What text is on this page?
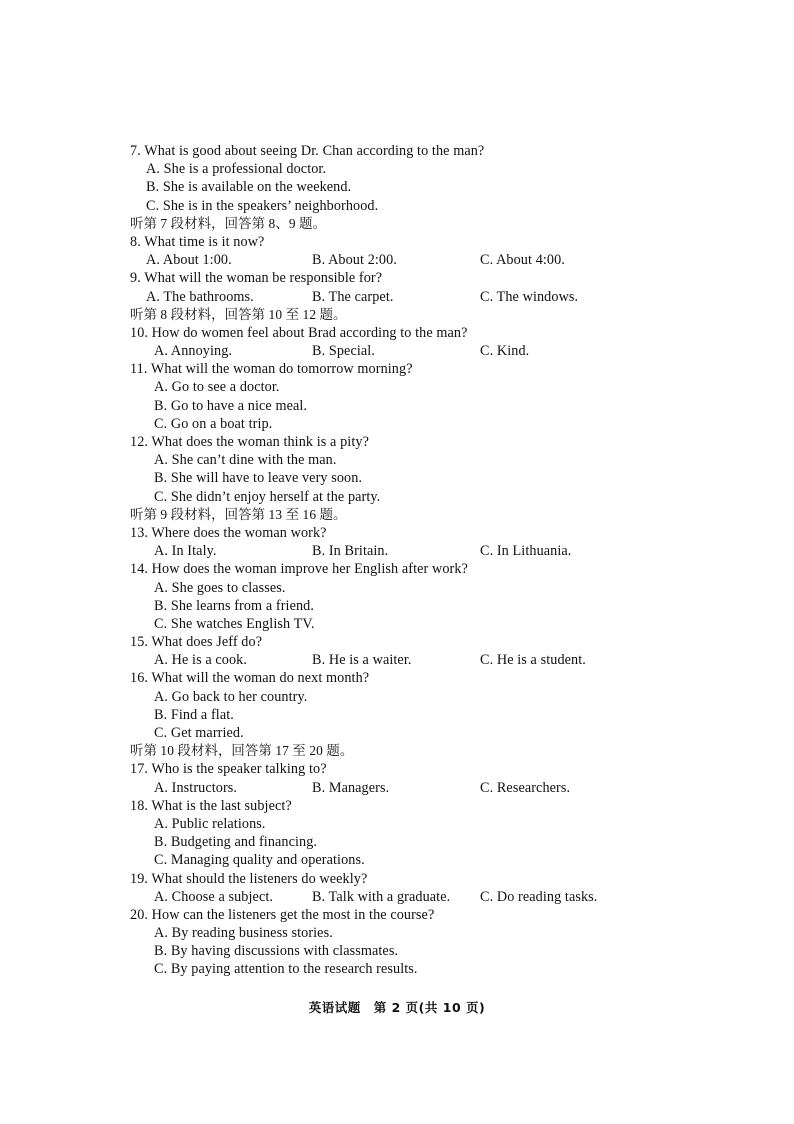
7. What is good about seeing Dr. Chan according to the man?
A. She is a professional doctor.
B. She is available on the weekend.
C. She is in the speakers’ neighborhood.
听第 7 段材料，回答第 8、9 题。
8. What time is it now?
A. About 1:00.	B. About 2:00.	C. About 4:00.
9. What will the woman be responsible for?
A. The bathrooms.	B. The carpet.	C. The windows.
听第 8 段材料，回答第 10 至 12 题。
10. How do women feel about Brad according to the man?
A. Annoying.	B. Special.	C. Kind.
11. What will the woman do tomorrow morning?
A. Go to see a doctor.
B. Go to have a nice meal.
C. Go on a boat trip.
12. What does the woman think is a pity?
A. She can’t dine with the man.
B. She will have to leave very soon.
C. She didn’t enjoy herself at the party.
听第 9 段材料，回答第 13 至 16 题。
13. Where does the woman work?
A. In Italy.	B. In Britain.	C. In Lithuania.
14. How does the woman improve her English after work?
A. She goes to classes.
B. She learns from a friend.
C. She watches English TV.
15. What does Jeff do?
A. He is a cook.	B. He is a waiter.	C. He is a student.
16. What will the woman do next month?
A. Go back to her country.
B. Find a flat.
C. Get married.
听第 10 段材料，回答第 17 至 20 题。
17. Who is the speaker talking to?
A. Instructors.	B. Managers.	C. Researchers.
18. What is the last subject?
A. Public relations.
B. Budgeting and financing.
C. Managing quality and operations.
19. What should the listeners do weekly?
A. Choose a subject.	B. Talk with a graduate.	C. Do reading tasks.
20. How can the listeners get the most in the course?
A. By reading business stories.
B. By having discussions with classmates.
C. By paying attention to the research results.
英语试题　第 2 页(共 10 页)
